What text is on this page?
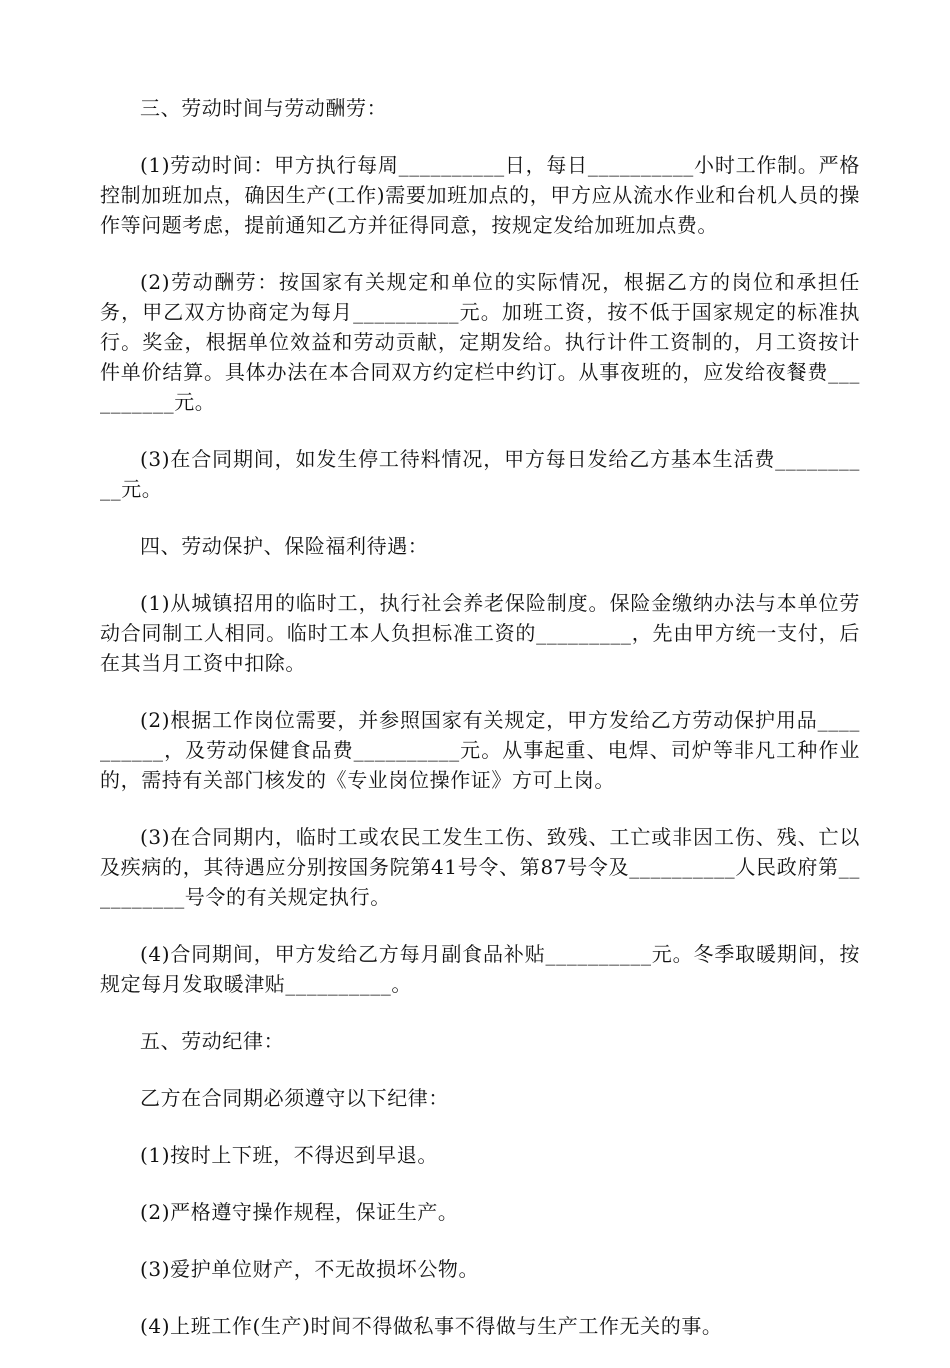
三、劳动时间与劳动酬劳：

(1)劳动时间：甲方执行每周__________日，每日__________小时工作制。严格控制加班加点，确因生产(工作)需要加班加点的，甲方应从流水作业和台机人员的操作等问题考虑，提前通知乙方并征得同意，按规定发给加班加点费。

(2)劳动酬劳：按国家有关规定和单位的实际情况，根据乙方的岗位和承担任务，甲乙双方协商定为每月__________元。加班工资，按不低于国家规定的标准执行。奖金，根据单位效益和劳动贡献，定期发给。执行计件工资制的，月工资按计件单价结算。具体办法在本合同双方约定栏中约订。从事夜班的，应发给夜餐费__________元。

(3)在合同期间，如发生停工待料情况，甲方每日发给乙方基本生活费__________元。

四、劳动保护、保险福利待遇：

(1)从城镇招用的临时工，执行社会养老保险制度。保险金缴纳办法与本单位劳动合同制工人相同。临时工本人负担标准工资的_________，先由甲方统一支付，后在其当月工资中扣除。

(2)根据工作岗位需要，并参照国家有关规定，甲方发给乙方劳动保护用品__________，及劳动保健食品费__________元。从事起重、电焊、司炉等非凡工种作业的，需持有关部门核发的《专业岗位操作证》方可上岗。

(3)在合同期内，临时工或农民工发生工伤、致残、工亡或非因工伤、残、亡以及疾病的，其待遇应分别按国务院第41号令、第87号令及__________人民政府第__________号令的有关规定执行。

(4)合同期间，甲方发给乙方每月副食品补贴__________元。冬季取暖期间，按规定每月发取暖津贴__________。

五、劳动纪律：

乙方在合同期必须遵守以下纪律：

(1)按时上下班，不得迟到早退。

(2)严格遵守操作规程，保证生产。

(3)爱护单位财产，不无故损坏公物。

(4)上班工作(生产)时间不得做私事不得做与生产工作无关的事。
